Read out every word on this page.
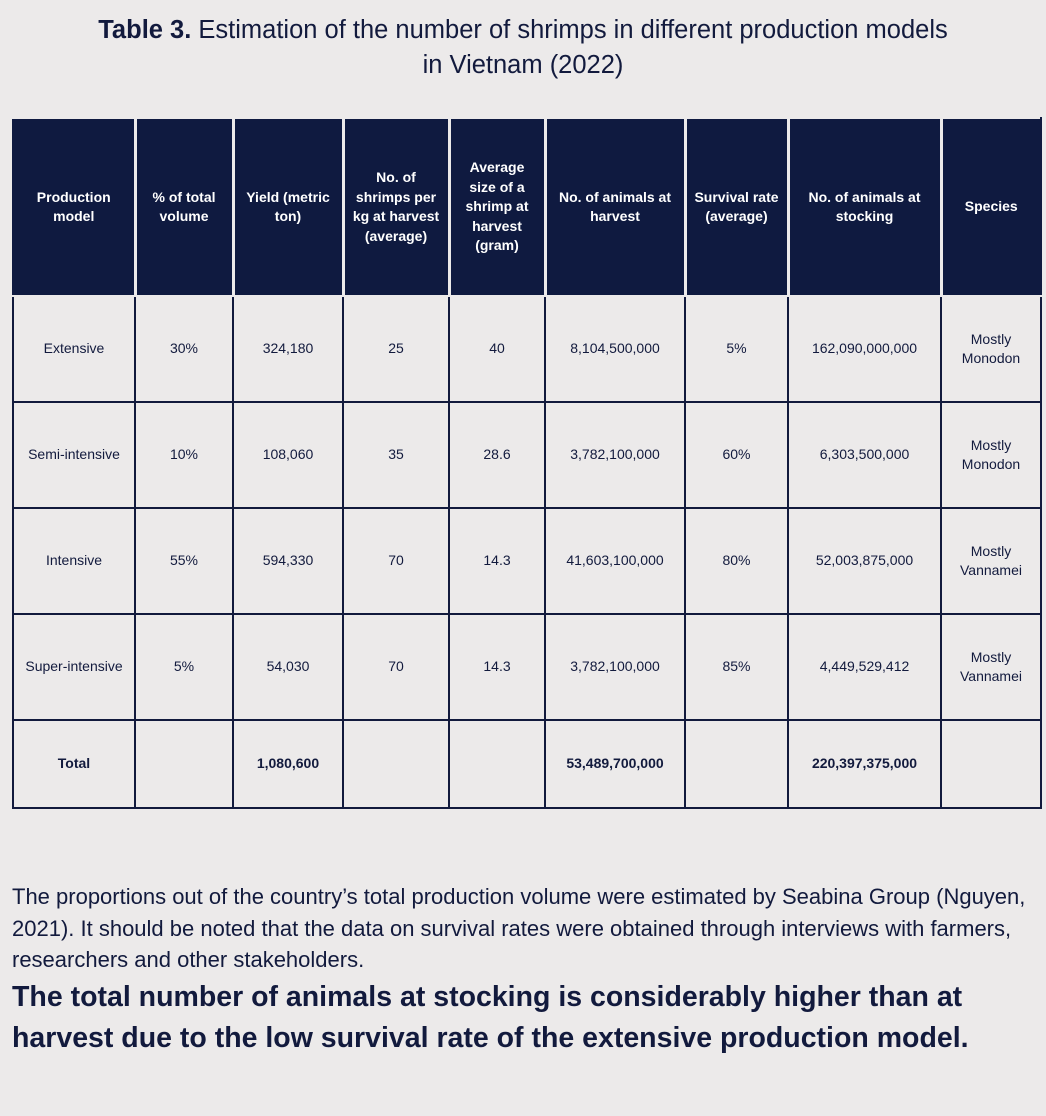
Table 3. Estimation of the number of shrimps in different production models
in Vietnam (2022)
Production model	% of total volume	Yield (metric ton)	No. of shrimps per kg at harvest (average)	Average size of a shrimp at harvest (gram)	No. of animals at harvest	Survival rate (average)	No. of animals at stocking	Species
Extensive	30%	324,180	25	40	8,104,500,000	5%	162,090,000,000	Mostly Monodon
Semi-intensive	10%	108,060	35	28.6	3,782,100,000	60%	6,303,500,000	Mostly Monodon
Intensive	55%	594,330	70	14.3	41,603,100,000	80%	52,003,875,000	Mostly Vannamei
Super-intensive	5%	54,030	70	14.3	3,782,100,000	85%	4,449,529,412	Mostly Vannamei
Total		1,080,600			53,489,700,000		220,397,375,000	
The proportions out of the country’s total production volume were estimated by Seabina Group (Nguyen, 2021). It should be noted that the data on survival rates were obtained through interviews with farmers, researchers and other stakeholders.
The total number of animals at stocking is considerably higher than at harvest due to the low survival rate of the extensive production model.
